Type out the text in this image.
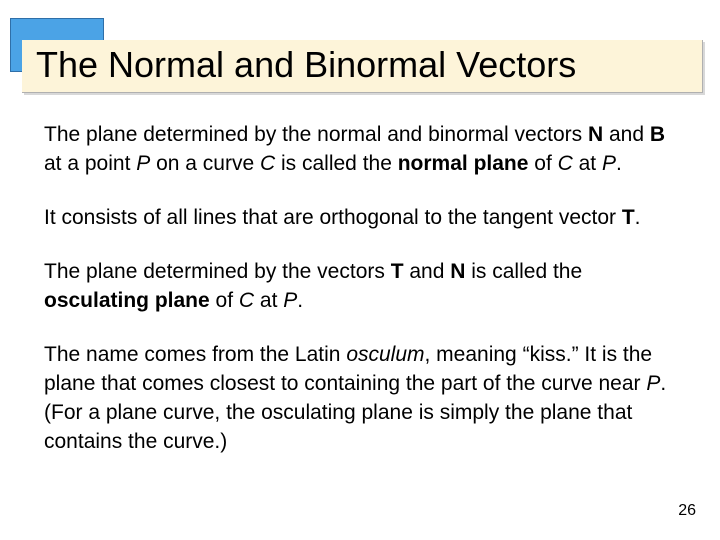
The Normal and Binormal Vectors

The plane determined by the normal and binormal vectors N and B at a point P on a curve C is called the normal plane of C at P.

It consists of all lines that are orthogonal to the tangent vector T.

The plane determined by the vectors T and N is called the osculating plane of C at P.

The name comes from the Latin osculum, meaning “kiss.” It is the plane that comes closest to containing the part of the curve near P. (For a plane curve, the osculating plane is simply the plane that contains the curve.)

26
